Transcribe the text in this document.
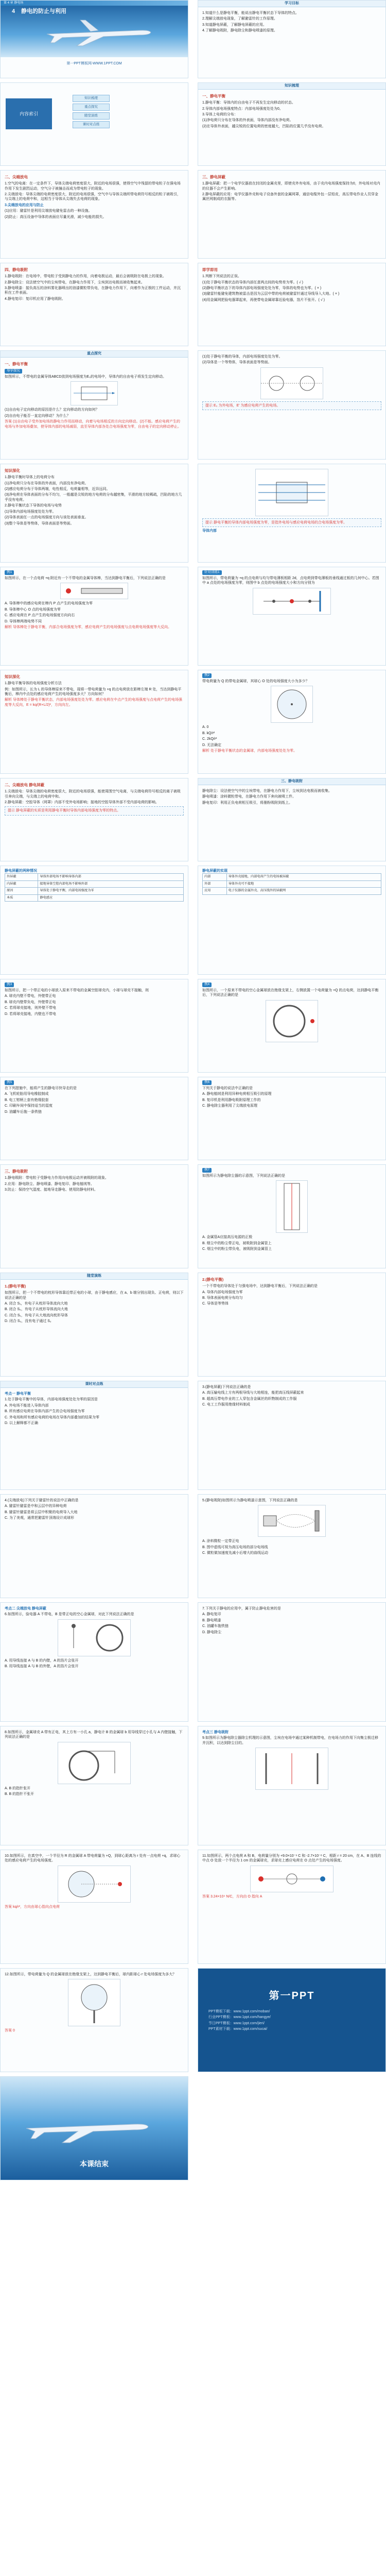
第 4 章 静电场
4 静电的防止与利用
第一PPT模板网-WWW.1PPT.COM
学习目标
1.知道什么是静电平衡，能说出静电平衡状态下导体的特点。
2.理解尖端放电现象，了解避雷针的工作原理。
3.知道静电屏蔽，了解静电屏蔽的应用。
4.了解静电吸附，静电除尘和静电喷漆的原理。
内容索引
知识梳理
重点探究
随堂演练
课时对点练
知识梳理
一、静电平衡
1.静电平衡：导体内的自由电子不再发生定向移动的状态。
2.导体内部电场强度特点：内部电场强度处处为0。
3.导体上电荷的分布：
(1)净电荷只分布在导体的外表面，导体内部没有净电荷。
(2)在导体外表面，越尖锐的位置电荷的密度越大，凹陷的位置几乎没有电荷。
二、尖端放电
1.空气的电离：在一定条件下，导体尖端电荷密度很大，附近的电场很强，使得空气中残留的带电粒子在强电场作用下发生剧烈运动，空气分子被撞击而成为带电粒子的现象。
2.尖端放电：导体尖端的电荷密度很大，附近的电场很强，空气中与导体尖端所带电荷符号相反的粒子被吸引，与尖端上的电荷中和，这相当于导体从尖端失去电荷的现象。
3.尖端放电的应用与防止
(1)应用：避雷针是利用尖端放电避免雷击的一种设施。
(2)防止：高压设备中导体的表面应尽量光滑，减少电能的损失。
三、静电屏蔽
1.静电屏蔽：把一个电学仪器放在封闭的金属壳里，即使壳外有电场，由于壳内电场强度保持为0，外电场对壳内的仪器不会产生影响。
2.静电屏蔽的应用：电学仪器外壳和电子设备外套的金属网罩，通信电缆外包一层铅皮，高压带电作业人员穿金属丝网制成的衣服等。
四、静电吸附
1.静电吸附：在电场中，带电粒子受到静电力的作用，向着电极运动，最后会被吸附在电极上的现象。
2.静电除尘：设法使空气中的尘埃带电，在静电力作用下，尘埃到达电极而被收集起来。
3.静电喷漆：接负高压的涂料雾化器喷出的油漆微粒带负电，在静电力作用下，向着作为正极的工件运动，并沉积在工件表面。
4.静电复印：复印机应用了静电吸附。
即学即用
1.判断下列说法的正误。
(1)处于静电平衡状态的导体内部任意两点间的电势差为零。( √ )
(2)静电平衡状态下的导体内部电场强度处处为零，导体的电势也为零。( × )
(3)避雷针能避免建筑物被雷击是因为云层中带的电荷被避雷针通过导线导入大地。( × )
(4)用金属网把验电器罩起来，再使带电金属球靠近验电器，箔片不张开。( √ )
重点探究
一、静电平衡
导学探究
如图所示，不带电的金属导体ABCD放到电场强度为E₀的电场中，导体内的自由电子将发生定向移动。
(1)自由电子定向移动的原因是什么？定向移动的方向如何？
(2)自由电子能否一直定向移动？为什么？
答案 (1)自由电子受外加电场的静电力作用而移动，向着与电场相反的方向定向移动。(2)不能。感应电荷产生的电场与外加电场叠加，使导体内部的电场减弱，直至导体内部各处合电场强度为零，自由电子的定向移动停止。
(1)处于静电平衡的导体，内部电场强度处处为零。
(2)导体是一个等势体，导体表面是等势面。
提示 E₀ 为外电场，E′ 为感应电荷产生的电场。
知识深化
1.静电平衡时导体上的电荷分布
(1)净电荷只分布在导体的外表面，内部没有净电荷。
(2)感应电荷分布于导体两端，电性相反，电荷量相等，近异远同。
(3)净电荷在导体表面的分布不均匀，一般越是尖锐的地方电荷的分布越密集，平滑的地方较稀疏，凹陷的地方几乎没有电荷。
2.静电平衡状态下导体的电场与电势
(1)导体内部电场强度处处为零。
(2)导体表面任一点的电场强度方向与该处表面垂直。
(3)整个导体是等势体，导体表面是等势面。	提示 静电平衡的导体内部电场强度为零，是指外电场与感应电荷电场的合电场强度为零。
导体内部
例1
如图所示，在一个点电荷 +q 附近有一个不带电的金属导体棒，当达到静电平衡后，下列说法正确的是
A. 导体棒中的感应电荷在棒内 P 点产生的电场强度为零
B. 导体棒中心 O 点的电场强度为零
C. 感应电荷在 P 点产生的电场强度方向向右
D. 导体棒两端电势不同
解析 导体棒处于静电平衡，内部合电场强度为零，感应电荷产生的电场强度与点电荷电场强度等大反向。
针对训练1
如图所示，带电荷量为 +q 的点电荷与均匀带电薄板相距 2d，点电荷到带电薄板的垂线通过板的几何中心。若图中 a 点处的电场强度为零，则图中 b 点处的电场强度大小和方向分别为
知识深化
1.静电平衡导体的电场强度分析方法
例：如图所示，长为 L 的导体棒原来不带电，现将一带电荷量为 +q 的点电荷放在距棒左端 R 处，当达到静电平衡后，棒内中点处的感应电荷产生的电场强度多大？方向如何？
解析 导体棒处于静电平衡状态，内部电场强度处处为零。感应电荷在中点产生的电场强度与点电荷产生的电场强度等大反向，E = kq/(R+L/2)²，方向向左。
例2
带电荷量为 Q 的带电金属球，其球心 O 处的电场强度大小为多少？
A. 0
B. kQ/r²
C. 2kQ/r²
D. 无法确定
解析 处于静电平衡状态的金属球，内部电场强度处处为零。
二、尖端放电 静电屏蔽
1.尖端放电：导体尖端的电荷密度很大，附近的电场很强，能使周围空气电离，与尖端电荷符号相反的离子被吸引奔向尖端，与尖端上的电荷中和。
2.静电屏蔽：空腔导体（网罩）内部不受外电场影响；接地的空腔导体外部不受内部电荷的影响。
提示 静电屏蔽的实质是利用静电平衡时导体内部电场强度为零的特点。
三、静电吸附
静电除尘：设法使空气中的尘埃带电，在静电力作用下，尘埃到达电极而被收集。
静电喷漆：涂料微粒带电，在静电力作用下奔向被喷工件。
静电复印：利用正负电荷相互吸引，将墨粉吸附到纸上。
静电屏蔽的两种情况
外屏蔽	导体外部电场不影响导体内部
内屏蔽	接地导体空腔内部电场不影响外部
原因	导体处于静电平衡，内部电场强度为零
本质	静电感应
静电屏蔽的实现
内部	导体外壳接地，内部电荷产生的电场被屏蔽
外部	导体外壳可不接地
应用	电子仪器的金属外壳、高压线外的屏蔽网
例3
如图所示，把一个带正电的小球放入原来不带电的金属空腔球壳内，小球与球壳不接触，则
A. 球壳内壁不带电，外壁带正电
B. 球壳内壁带负电，外壁带正电
C. 若将球壳接地，则外壁不带电
D. 若将球壳接地，内壁也不带电
例4
如图所示，一个原来不带电的空心金属球放在绝缘支架上，右侧放置一个电荷量为 +Q 的点电荷，达到静电平衡后，下列说法正确的是
例5
在下列措施中，能将产生的静电尽快导走的是
A. 飞机轮胎用导电橡胶制成
B. 电工钳柄上套有绝缘胶套
C. 印刷车间中保持适当的湿度
D. 油罐车后拖一条铁链
例6
下列关于静电的说法中正确的是
A. 静电植绒是利用异种电荷相互吸引的原理
B. 复印机是利用静电吸附原理工作的
C. 静电除尘器利用了尖端放电原理
三、静电吸附
1.静电吸附：带电粒子受静电力作用向电极运动并被吸附的现象。
2.应用：静电除尘、静电喷漆、静电复印、静电植绒等。
3.防止：保持空气湿度、接地导走静电、使用防静电材料。
例7
如图所示为静电除尘器的示意图，下列说法正确的是
A. 金属管A应接高压电源的正极
B. 烟尘中的粉尘带正电，被吸附到金属管上
C. 烟尘中的粉尘带负电，被吸附到金属管上
随堂演练
1.(静电平衡)
如图所示，把一个不带电的枕形导体靠近带正电的小球，由于静电感应，在 a、b 端分别出现负、正电荷，则以下说法正确的是
A. 闭合 S₁，有电子从枕形导体流向大地
B. 闭合 S₂，有电子从枕形导体流向大地
C. 闭合 S₁，有电子从大地流向枕形导体
D. 闭合 S₂，没有电子通过 S₂
2.(静电平衡)
一个不带电的导体处于匀强电场中，达到静电平衡后，下列说法正确的是
A. 导体内部电场强度为零
B. 导体表面电荷分布均匀
C. 导体是等势体
课时对点练
考点一 静电平衡
1.处于静电平衡中的导体，内部电场强度处处为零的原因是
A. 外电场不能进入导体内部
B. 所有感应电荷在导体内部产生的合电场强度为零
C. 外电场和所有感应电荷的电场在导体内部叠加的结果为零
D. 以上解释都不正确
3.(静电屏蔽)下列说法正确的是
A. 高压输电线上方有两根导线与大地相连，能把高压线屏蔽起来
B. 超高压带电作业的工人穿包含金属丝的织物制成的工作服
C. 电工工作服用绝缘材料制成
4.(尖端放电)下列关于避雷针的说法中正确的是
A. 避雷针避雷是中和云层中的异种电荷
B. 避雷针避雷是将云层中积聚的电荷导入大地
C. 为了美观，通常把避雷针顶端设计成球形
5.(静电吸附)如图所示为静电喷漆示意图，下列说法正确的是
A. 涂料微粒一定带正电
B. 图中虚线可视为高压电场的部分电场线
C. 微粒做加速度先减小后增大的曲线运动
考点二 尖端放电 静电屏蔽
6.如图所示，验电器 A 不带电，B 是带正电的空心金属球，对此下列说法正确的是
A. 用导线连接 A 与 B 的内壁，A 的箔片会张开
B. 用导线连接 A 与 B 的外壁，A 的箔片会张开
7.下列关于静电的应用中，属于防止静电危害的是
A. 静电复印
B. 静电喷漆
C. 油罐车拖铁链
D. 静电除尘
8.如图所示，金属球壳 A 带有正电，其上方有一小孔 a，静电计 B 的金属球 b 用导线穿过小孔与 A 内壁接触，下列说法正确的是
A. B 的指针张开
B. B 的指针不张开
考点三 静电吸附
9.如图所示为静电除尘器除尘机理的示意图，尘埃在电场中通过某种机制带电，在电场力的作用下向集尘极迁移并沉积，以达到除尘目的。
10.如图所示，在真空中，一个半径为 R 的金属球 A 带电荷量为 +Q，到球心距离为 r 处有一点电荷 +q，求球心处的感应电荷产生的电场强度。
答案 kq/r²，方向由球心指向点电荷
11.如图所示，两个点电荷 A 和 B，电荷量分别为 +9.0×10⁻⁹ C 和 -2.7×10⁻⁸ C，相距 r = 20 cm，在 A、B 连线的中点 O 处放一个半径为 1 cm 的金属球壳，求球壳上感应电荷在 O 点处产生的电场强度。
答案 3.24×10⁴ N/C，方向由 O 指向 A
12.如图所示，带电荷量为 Q 的金属球放在绝缘支架上，达到静电平衡后，球内距球心 r 处电场强度为多大？
答案 0
第一PPT
PPT模板下载：www.1ppt.com/moban/
行业PPT模板：www.1ppt.com/hangye/
节日PPT模板：www.1ppt.com/jieri/
PPT素材下载：www.1ppt.com/sucai/
本课结束
